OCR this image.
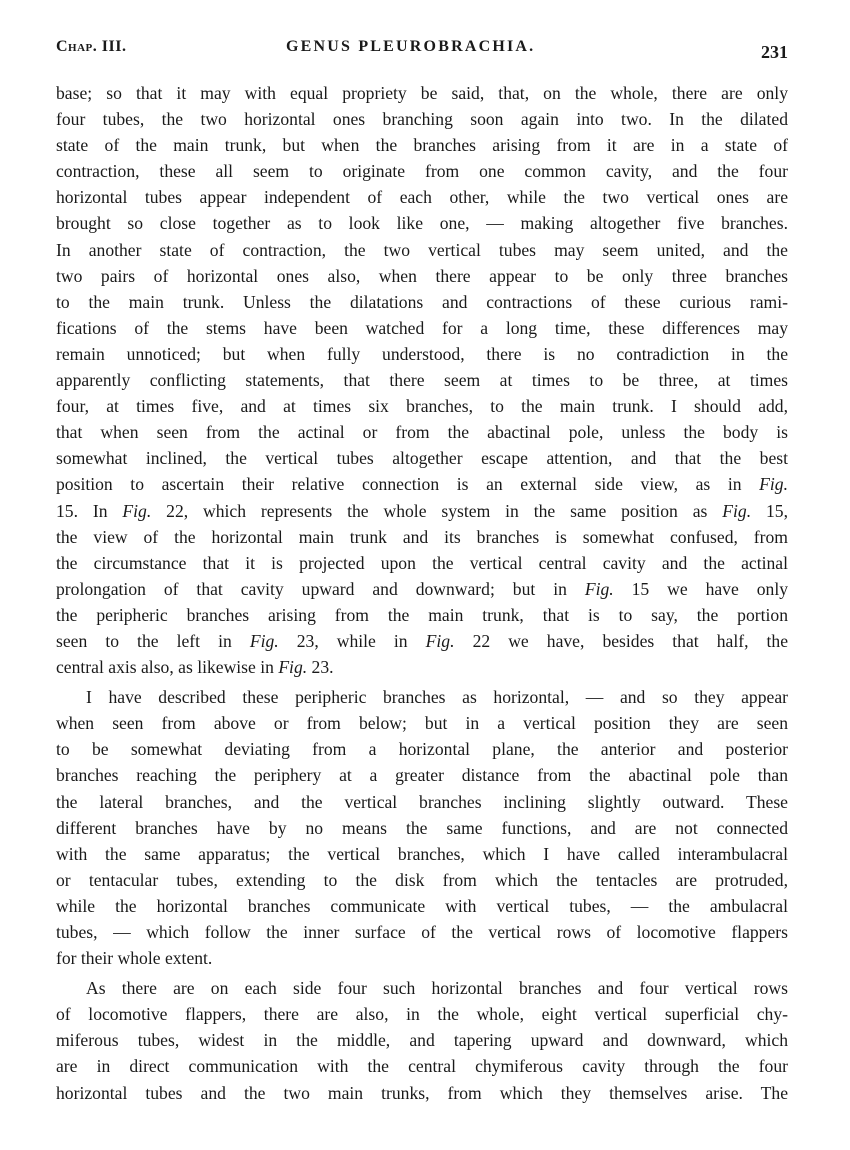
Chap. III.	GENUS PLEUROBRACHIA.	231
base; so that it may with equal propriety be said, that, on the whole, there are only
four tubes, the two horizontal ones branching soon again into two. In the dilated
state of the main trunk, but when the branches arising from it are in a state of
contraction, these all seem to originate from one common cavity, and the four
horizontal tubes appear independent of each other, while the two vertical ones are
brought so close together as to look like one, — making altogether five branches.
In another state of contraction, the two vertical tubes may seem united, and the
two pairs of horizontal ones also, when there appear to be only three branches
to the main trunk. Unless the dilatations and contractions of these curious rami-
fications of the stems have been watched for a long time, these differences may
remain unnoticed; but when fully understood, there is no contradiction in the
apparently conflicting statements, that there seem at times to be three, at times
four, at times five, and at times six branches, to the main trunk. I should add,
that when seen from the actinal or from the abactinal pole, unless the body is
somewhat inclined, the vertical tubes altogether escape attention, and that the best
position to ascertain their relative connection is an external side view, as in Fig.
15. In Fig. 22, which represents the whole system in the same position as Fig. 15,
the view of the horizontal main trunk and its branches is somewhat confused, from
the circumstance that it is projected upon the vertical central cavity and the actinal
prolongation of that cavity upward and downward; but in Fig. 15 we have only
the peripheric branches arising from the main trunk, that is to say, the portion
seen to the left in Fig. 23, while in Fig. 22 we have, besides that half, the
central axis also, as likewise in Fig. 23.
I have described these peripheric branches as horizontal, — and so they appear
when seen from above or from below; but in a vertical position they are seen
to be somewhat deviating from a horizontal plane, the anterior and posterior
branches reaching the periphery at a greater distance from the abactinal pole than
the lateral branches, and the vertical branches inclining slightly outward. These
different branches have by no means the same functions, and are not connected
with the same apparatus; the vertical branches, which I have called interambulacral
or tentacular tubes, extending to the disk from which the tentacles are protruded,
while the horizontal branches communicate with vertical tubes, — the ambulacral
tubes, — which follow the inner surface of the vertical rows of locomotive flappers
for their whole extent.
As there are on each side four such horizontal branches and four vertical rows
of locomotive flappers, there are also, in the whole, eight vertical superficial chy-
miferous tubes, widest in the middle, and tapering upward and downward, which
are in direct communication with the central chymiferous cavity through the four
horizontal tubes and the two main trunks, from which they themselves arise. The
